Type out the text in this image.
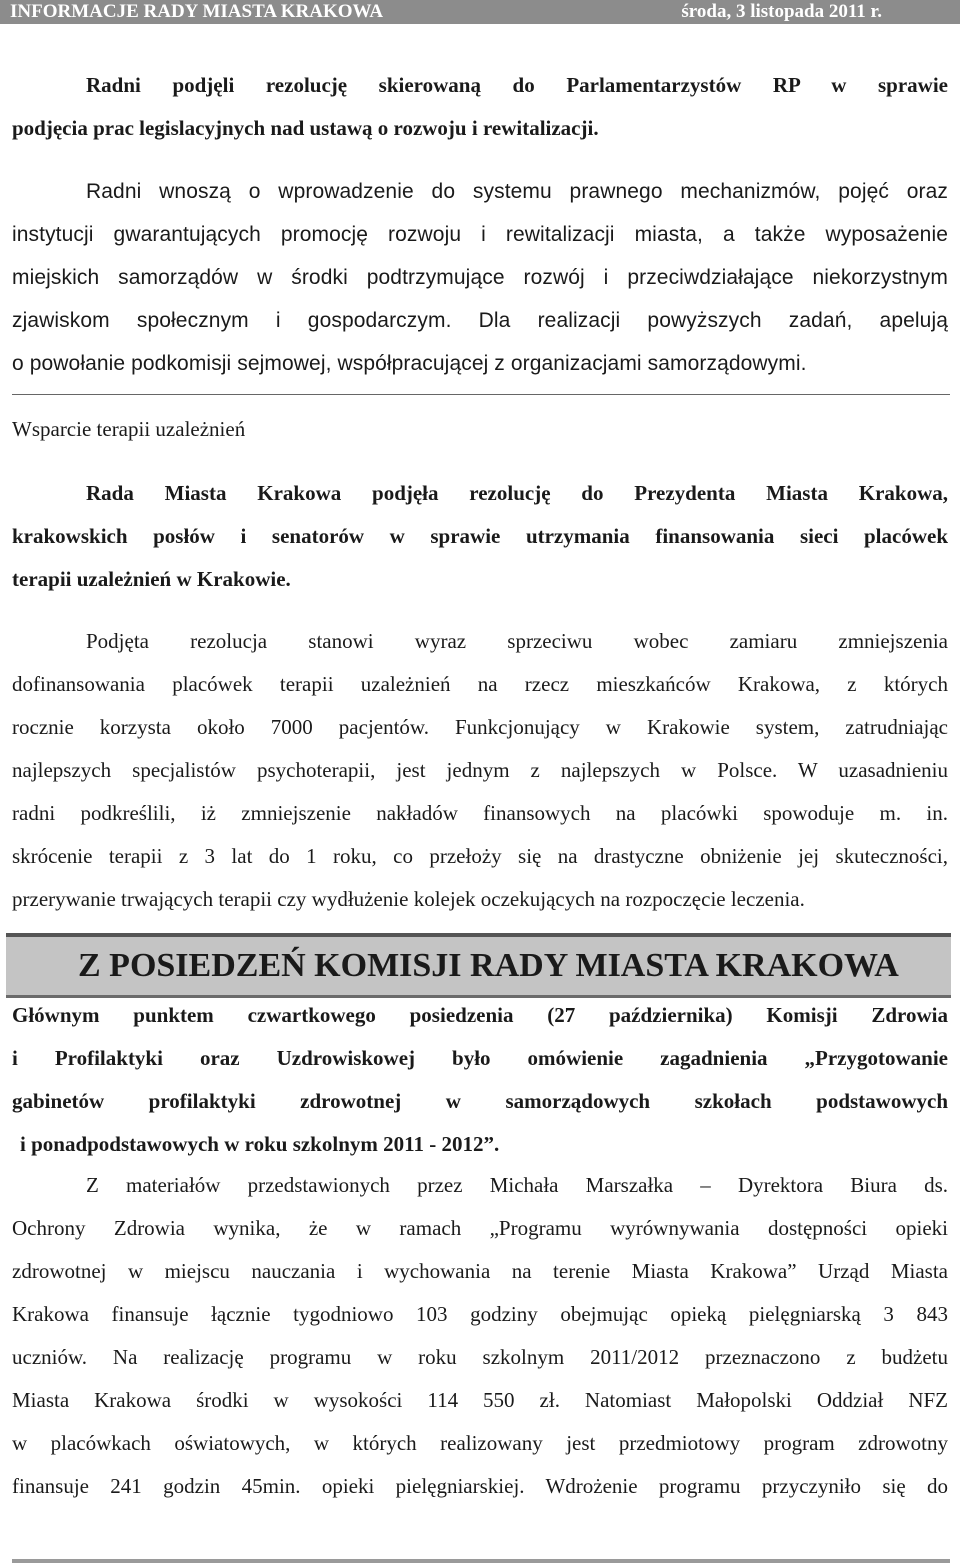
INFORMACJE RADY MIASTA KRAKOWA	środa, 3 listopada 2011 r.
Radni podjęli rezolucję skierowaną do Parlamentarzystów RP w sprawie
podjęcia prac legislacyjnych nad ustawą o rozwoju i rewitalizacji.
Radni wnoszą o wprowadzenie do systemu prawnego mechanizmów, pojęć oraz
instytucji gwarantujących promocję rozwoju i rewitalizacji miasta, a także wyposażenie
miejskich samorządów w środki podtrzymujące rozwój i przeciwdziałające niekorzystnym
zjawiskom społecznym i gospodarczym. Dla realizacji powyższych zadań, apelują
o powołanie podkomisji sejmowej, współpracującej z organizacjami samorządowymi.
Wsparcie terapii uzależnień
Rada Miasta Krakowa podjęła rezolucję do Prezydenta Miasta Krakowa,
krakowskich posłów i senatorów w sprawie utrzymania finansowania sieci placówek
terapii uzależnień w Krakowie.
Podjęta rezolucja stanowi wyraz sprzeciwu wobec zamiaru zmniejszenia
dofinansowania placówek terapii uzależnień na rzecz mieszkańców Krakowa, z których
rocznie korzysta około 7000 pacjentów. Funkcjonujący w Krakowie system, zatrudniając
najlepszych specjalistów psychoterapii, jest jednym z najlepszych w Polsce. W uzasadnieniu
radni podkreślili, iż zmniejszenie nakładów finansowych na placówki spowoduje m. in.
skrócenie terapii z 3 lat do 1 roku, co przełoży się na drastyczne obniżenie jej skuteczności,
przerywanie trwających terapii czy wydłużenie kolejek oczekujących na rozpoczęcie leczenia.
Z POSIEDZEŃ KOMISJI RADY MIASTA KRAKOWA
Głównym punktem czwartkowego posiedzenia (27 października) Komisji Zdrowia
i Profilaktyki oraz Uzdrowiskowej było omówienie zagadnienia „Przygotowanie
gabinetów profilaktyki zdrowotnej w samorządowych szkołach podstawowych
i ponadpodstawowych w roku szkolnym 2011 - 2012”.
Z materiałów przedstawionych przez Michała Marszałka – Dyrektora Biura ds.
Ochrony Zdrowia wynika, że w ramach „Programu wyrównywania dostępności opieki
zdrowotnej w miejscu nauczania i wychowania na terenie Miasta Krakowa” Urząd Miasta
Krakowa finansuje łącznie tygodniowo 103 godziny obejmując opieką pielęgniarską 3 843
uczniów. Na realizację programu w roku szkolnym 2011/2012 przeznaczono z budżetu
Miasta Krakowa środki w wysokości 114 550 zł. Natomiast Małopolski Oddział NFZ
w placówkach oświatowych, w których realizowany jest przedmiotowy program zdrowotny
finansuje 241 godzin 45min. opieki pielęgniarskiej. Wdrożenie programu przyczyniło się do
